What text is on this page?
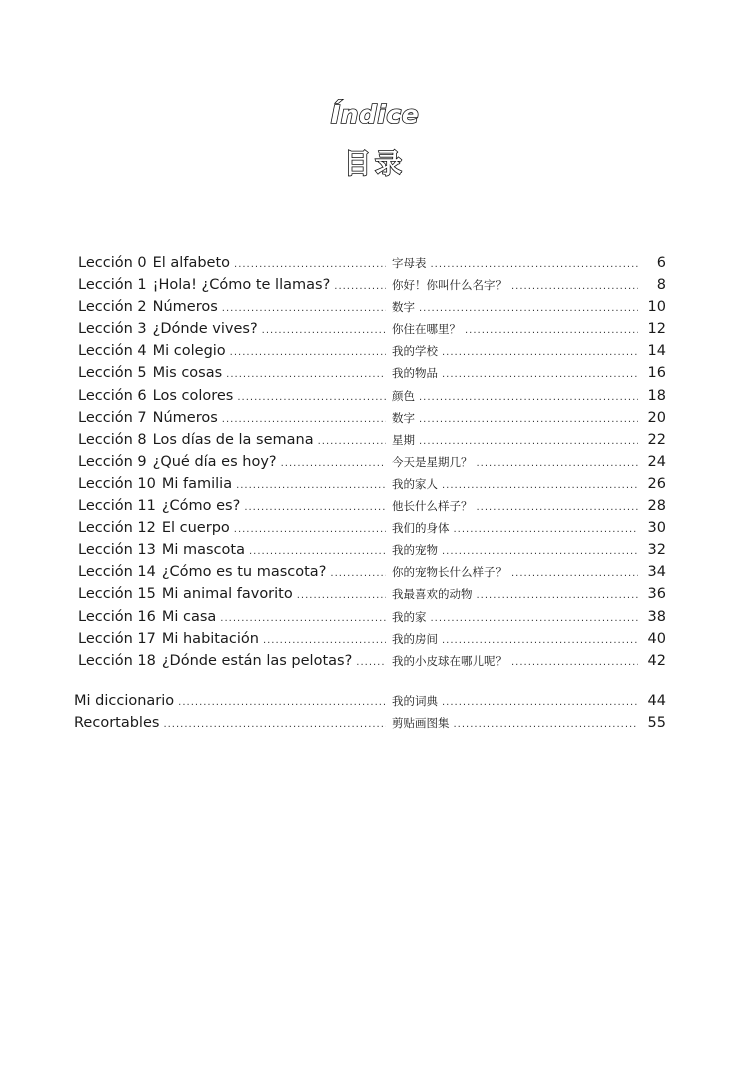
Índice
目录
Lección 0 El alfabeto .....	字母表 .....	6
Lección 1 ¡Hola! ¿Cómo te llamas? .....	你好！你叫什么名字？ .....	8
Lección 2 Números .....	数字 .....	10
Lección 3 ¿Dónde vives? .....	你住在哪里？ .....	12
Lección 4 Mi colegio .....	我的学校 .....	14
Lección 5 Mis cosas .....	我的物品 .....	16
Lección 6 Los colores .....	颜色 .....	18
Lección 7 Números .....	数字 .....	20
Lección 8 Los días de la semana .....	星期 .....	22
Lección 9 ¿Qué día es hoy? .....	今天是星期几？ .....	24
Lección 10 Mi familia .....	我的家人 .....	26
Lección 11 ¿Cómo es? .....	他长什么样子？ .....	28
Lección 12 El cuerpo .....	我们的身体 .....	30
Lección 13 Mi mascota .....	我的宠物 .....	32
Lección 14 ¿Cómo es tu mascota? .....	你的宠物长什么样子？ .....	34
Lección 15 Mi animal favorito .....	我最喜欢的动物 .....	36
Lección 16 Mi casa .....	我的家 .....	38
Lección 17 Mi habitación .....	我的房间 .....	40
Lección 18 ¿Dónde están las pelotas? .....	我的小皮球在哪儿呢？ .....	42
Mi diccionario .....	我的词典 .....	44
Recortables .....	剪贴画图集 .....	55
